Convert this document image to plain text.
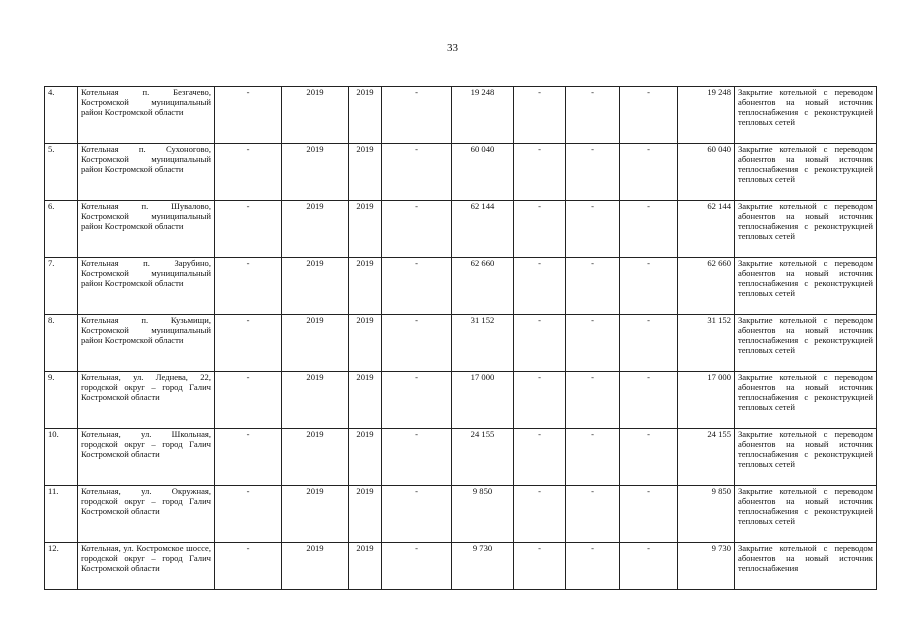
33
4.	Котельная п. Безгачево, Костромской муниципальный район Костромской области	-	2019	2019	-	19 248	-	-	-	19 248	Закрытие котельной с переводом абонентов на новый источник теплоснабжения с реконструкцией тепловых сетей
5.	Котельная п. Сухоногово, Костромской муниципальный район Костромской области	-	2019	2019	-	60 040	-	-	-	60 040	Закрытие котельной с переводом абонентов на новый источник теплоснабжения с реконструкцией тепловых сетей
6.	Котельная п. Шувалово, Костромской муниципальный район Костромской области	-	2019	2019	-	62 144	-	-	-	62 144	Закрытие котельной с переводом абонентов на новый источник теплоснабжения с реконструкцией тепловых сетей
7.	Котельная п. Зарубино, Костромской муниципальный район Костромской области	-	2019	2019	-	62 660	-	-	-	62 660	Закрытие котельной с переводом абонентов на новый источник теплоснабжения с реконструкцией тепловых сетей
8.	Котельная п. Кузьмищи, Костромской муниципальный район Костромской области	-	2019	2019	-	31 152	-	-	-	31 152	Закрытие котельной с переводом абонентов на новый источник теплоснабжения с реконструкцией тепловых сетей
9.	Котельная, ул. Леднева, 22, городской округ – город Галич Костромской области	-	2019	2019	-	17 000	-	-	-	17 000	Закрытие котельной с переводом абонентов на новый источник теплоснабжения с реконструкцией тепловых сетей
10.	Котельная, ул. Школьная, городской округ – город Галич Костромской области	-	2019	2019	-	24 155	-	-	-	24 155	Закрытие котельной с переводом абонентов на новый источник теплоснабжения с реконструкцией тепловых сетей
11.	Котельная, ул. Окружная, городской округ – город Галич Костромской области	-	2019	2019	-	9 850	-	-	-	9 850	Закрытие котельной с переводом абонентов на новый источник теплоснабжения с реконструкцией тепловых сетей
12.	Котельная, ул. Костромское шоссе, городской округ – город Галич Костромской области	-	2019	2019	-	9 730	-	-	-	9 730	Закрытие котельной с переводом абонентов на новый источник теплоснабжения
